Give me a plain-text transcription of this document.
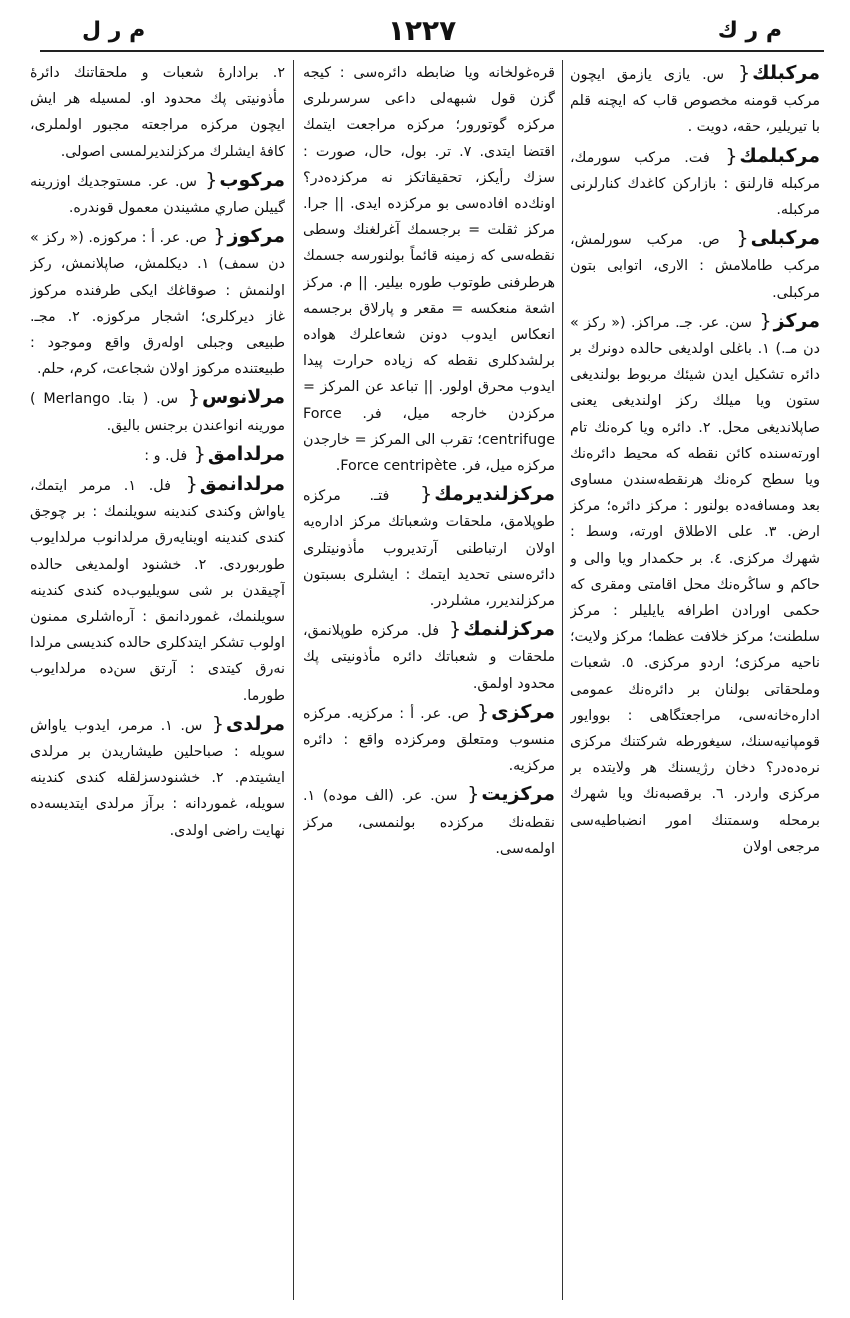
م ر ك
١٢٢٧
م ر ل

مركبلك{ س. يازى يازمق ايچون مركب قومنه مخصوص قاب كه ايچنه قلم با تيريلير، حقه، دويت .

مركبلمك{ فت. مركب سورمك، مركبله قارلنق : بازاركن كاغدك كنارلرنى مركبله.

مركبلى{ ص. مركب سورلمش، مركب طاملامش : الارى، اتوابى بتون مركبلى.

مركز{ سن. عر. جـ. مراكز. (« ركز » دن مـ.) ١. باغلى اولديغى حالده دونرك بر دائره تشكيل ايدن شيئك مربوط بولنديغى ستون ويا ميلك ركز اولنديغى يعنى صاپلانديغى محل. ٢. دائره ويا كره‌نك تام اورته‌سنده كائن نقطه كه محيط دائره‌نك ويا سطح كره‌نك هرنقطه‌سندن مساوى بعد ومسافه‌ده بولنور : مركز دائره؛ مركز ارض. ٣. على الاطلاق اورته، وسط : شهرك مركزى. ٤. بر حكمدار ويا والى و حاكم و ساڭره‌نك محل اقامتى ومقرى كه حكمى اورادن اطرافه يايليلر : مركز سلطنت؛ مركز خلافت عظما؛ مركز ولايت؛ ناحيه مركزى؛ اردو مركزى. ٥. شعبات وملحقاتى بولنان بر دائره‌نك عمومى اداره‌خانه‌سى، مراجعتگاهى : بووايور قومپانيه‌سنك، سيغورطه شركتنك مركزى نره‌ده‌در؟ دخان رژيسنك هر ولايتده بر مركزى واردر. ٦. برقصبه‌نك ويا شهرك برمحله وسمتنك امور انضباطيه‌سى مرجعى اولان

قره‌غولخانه ويا ضابطه دائره‌سى : كيجه گزن قول شبهه‌لى داعى سرسرىلرى مركزه گوتورور؛ مركزه مراجعت ايتمك اقتضا ايتدى. ٧. تر. بول، حال، صورت : سزك رأيكز، تحقيقاتكز نه مركزده‌در؟ اونك‌ده افاده‌سى بو مركزده ايدى. || جرا. مركز ثقلت = برجسمك آغرلغنك وسطى نقطه‌سى كه زمينه قائماً بولنورسه جسمك هرطرفنى طوتوب طوره بيلير. || م. مركز اشعة منعكسه = مقعر و پارلاق برجسمه انعكاس ايدوب دونن شعاعلرك هواده برلشدكلرى نقطه كه زياده حرارت پيدا ايدوب محرق اولور. || تباعد عن المركز = مركزدن خارجه ميل، فر. Force centrifuge؛ تقرب الى المركز = خارجدن مركزه ميل، فر. Force centripète.

مركزلنديرمك{ فتـ. مركزه طوپلامق، ملحقات وشعباتك مركز اداره‌يه اولان ارتباطنى آرتديروب مأذونيتلرى دائره‌سنى تحديد ايتمك : ايشلرى بسبتون مركزلنديرر، مشلردر.

مركزلنمك{ فل. مركزه طوپلانمق، ملحقات و شعباتك دائره مأذونيتى پك محدود اولمق.

مركزى{ ص. عر. أ : مركزيه. مركزه منسوب ومتعلق ومركزده واقع : دائره مركزيه.

مركزيت{ سن. عر. (الف موده) ١. نقطه‌نك مركزده بولنمسى، مركز اولمه‌سى.

٢. برادارۀ شعبات و ملحقاتنك دائرۀ مأذونيتى پك محدود او. لمسيله هر ايش ايچون مركزه مراجعته مجبور اولملرى، كافۀ ايشلرك مركزلنديرلمسى اصولى.

مركوب{ س. عر. مستوجديك اوزرينه گييلن صاري مشيندن معمول قوندره.

مركوز{ ص. عر. أ : مركوزه. (« ركز » دن سمف) ١. ديكلمش، صاپلانمش، ركز اولنمش : صوقاغك ايكى طرفنده مركوز غاز ديركلرى؛ اشجار مركوزه. ٢. مجـ. طبيعى وجبلى اوله‌رق واقع وموجود : طبيعتنده مركوز اولان شجاعت، كرم، حلم.

مرلانوس{ س. ( بتا. Merlango ) مورينه انواعندن برجنس باليق.

مرلدامق{ فل. و :

مرلدانمق{ فل. ١. مرمر ايتمك، ياواش وكندى كندينه سويلنمك : بر چوجق كندى كندينه اوينايه‌رق مرلدانوب مرلدايوب طوربوردى. ٢. خشنود اولمديغى حالده آچيقدن بر شى سويليوب‌ده كندى كندينه سويلنمك، غموردانمق : آرەاشلرى ممنون اولوب تشكر ايتدكلرى حالده كنديسى مرلدا نه‌رق كيتدى : آرتق سن‌ده مرلدايوب طورما.

مرلدى{ س. ١. مرمر، ايدوب ياواش سويله : صباحلين طيشاريدن بر مرلدى ايشيتدم. ٢. خشنودسزلقله كندى كندينه سويله، غموردانه : برآز مرلدى ايتديسه‌ده نهايت راضى اولدى.
